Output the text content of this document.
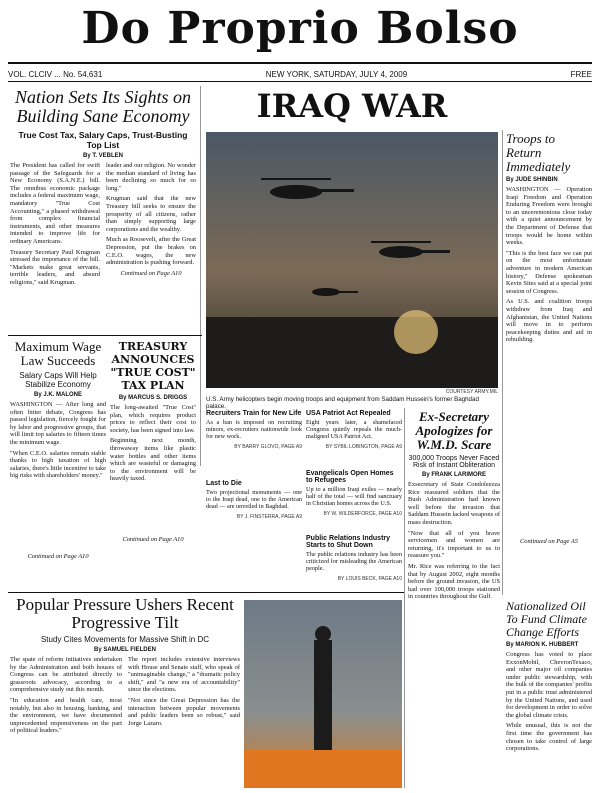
Do Proprio Bolso
VOL. CLCIV ... No. 54,631	NEW YORK, SATURDAY, JULY 4, 2009	FREE
Nation Sets Its Sights on Building Sane Economy
True Cost Tax, Salary Caps, Trust-Busting Top List
By T. VEBLEN

The President has called for swift passage of the Safeguards for a New Economy (S.A.N.E.) bill. The omnibus economic package includes a federal maximum wage, mandatory "True Cost Accounting," a phased withdrawal from complex financial instruments, and other measures intended to improve life for ordinary Americans.

Treasury Secretary Paul Krugman stressed the importance of the bill. "Markets make great servants, terrible leaders, and absurd religions," said Krugman.

leader and our religion. No wonder the median standard of living has been declining so much for so long."

Krugman said that the new Treasury bill seeks to ensure the prosperity of all citizens, rather than simply supporting large corporations and the wealthy.

Much as Roosevelt, after the Great Depression, put the brakes on C.E.O. wages, the new administration is pushing forward.

Continued on Page A10
IRAQ WAR
COURTESY ARMY.MIL
U.S. Army helicopters begin moving troops and equipment from Saddam Hussein's former Baghdad palace.
Troops to Return Immediately
By JUDE SHINBIN

WASHINGTON — Operation Iraqi Freedom and Operation Enduring Freedom were brought to an unceremonious close today with a quiet announcement by the Department of Defense that troops would be home within weeks.

"This is the best face we can put on the most unfortunate adventure in modern American history," Defense spokesman Kevin Sites said at a special joint session of Congress.

As U.S. and coalition troops withdraw from Iraq and Afghanistan, the United Nations will move in to perform peacekeeping duties and aid in rebuilding.

Continued on Page A5
Maximum Wage Law Succeeds
Salary Caps Will Help Stabilize Economy
By J.K. MALONE

WASHINGTON — After long and often bitter debate, Congress has passed legislation, fiercely fought for by labor and progressive groups, that will limit top salaries to fifteen times the minimum wage.

"When C.E.O. salaries remain stable thanks to high taxation of high salaries, there's little incentive to take big risks with shareholders' money."

Continued on Page A10
TREASURY ANNOUNCES "TRUE COST" TAX PLAN
By MARCUS S. DRIGGS

The long-awaited "True Cost" plan, which requires product prices to reflect their cost to society, has been signed into law.

Beginning next month, throwaway items like plastic water bottles and other items which are wasteful or damaging to the environment will be heavily taxed.

Continued on Page A10
Recruiters Train for New Life

As a ban is imposed on recruiting minors, ex-recruiters nationwide look for new work.

BY BARRY GLOVO, PAGE A9
Last to Die

Two projectional monuments — one to the Iraqi dead, one to the American dead — are unveiled in Baghdad.

BY J. FINSTERRA, PAGE A9
USA Patriot Act Repealed

Eight years later, a shamefaced Congress quietly repeals the much-maligned USA Patriot Act.

BY SYBIL LOBINGTON, PAGE A9
Evangelicals Open Homes to Refugees

Up to a million Iraqi exiles — nearly half of the total — will find sanctuary in Christian homes across the U.S.

BY W. WILDERFORCE, PAGE A10
Public Relations Industry Starts to Shut Down

The public relations industry has been criticized for misleading the American people.

BY LOUIS BECK, PAGE A10
Ex-Secretary Apologizes for W.M.D. Scare
300,000 Troops Never Faced Risk of Instant Obliteration
By FRANK LARIMORE

Exsecretary of State Condoleezza Rice reassured soldiers that the Bush Administration had known well before the invasion that Saddam Hussein lacked weapons of mass destruction.

"Now that all of you brave servicemen and women are returning, it's important to us to reassure you."

Mr. Rice was referring to the fact that by August 2002, eight months before the ground invasion, the US had over 100,000 troops stationed in countries throughout the Gulf.

Popular Pressure Ushers Recent Progressive Tilt
Study Cites Movements for Massive Shift in DC
By SAMUEL FIELDEN

The spate of reform initiatives undertaken by the Administration and both houses of Congress can be attributed directly to grassroots advocacy, according to a comprehensive study out this month.

"In education and health care, most notably, but also in housing, banking, and the environment, we have documented unprecedented responsiveness on the part of political leaders."

The report includes extensive interviews with House and Senate staff, who speak of "unimaginable change," a "dramatic policy shift," and "a new era of accountability" since the elections.

"Not since the Great Depression has the interaction between popular movements and public leaders been so robust," said Jorge Lazaro.

Nationalized Oil To Fund Climate Change Efforts
By MARION K. HUBBERT

Congress has voted to place ExxonMobil, ChevronTexaco, and other major oil companies under public stewardship, with the bulk of the companies' profits put in a public trust administered by the United Nations, and used for development in order to solve the global climate crisis.

While unusual, this is not the first time the government has chosen to take control of large corporations.
